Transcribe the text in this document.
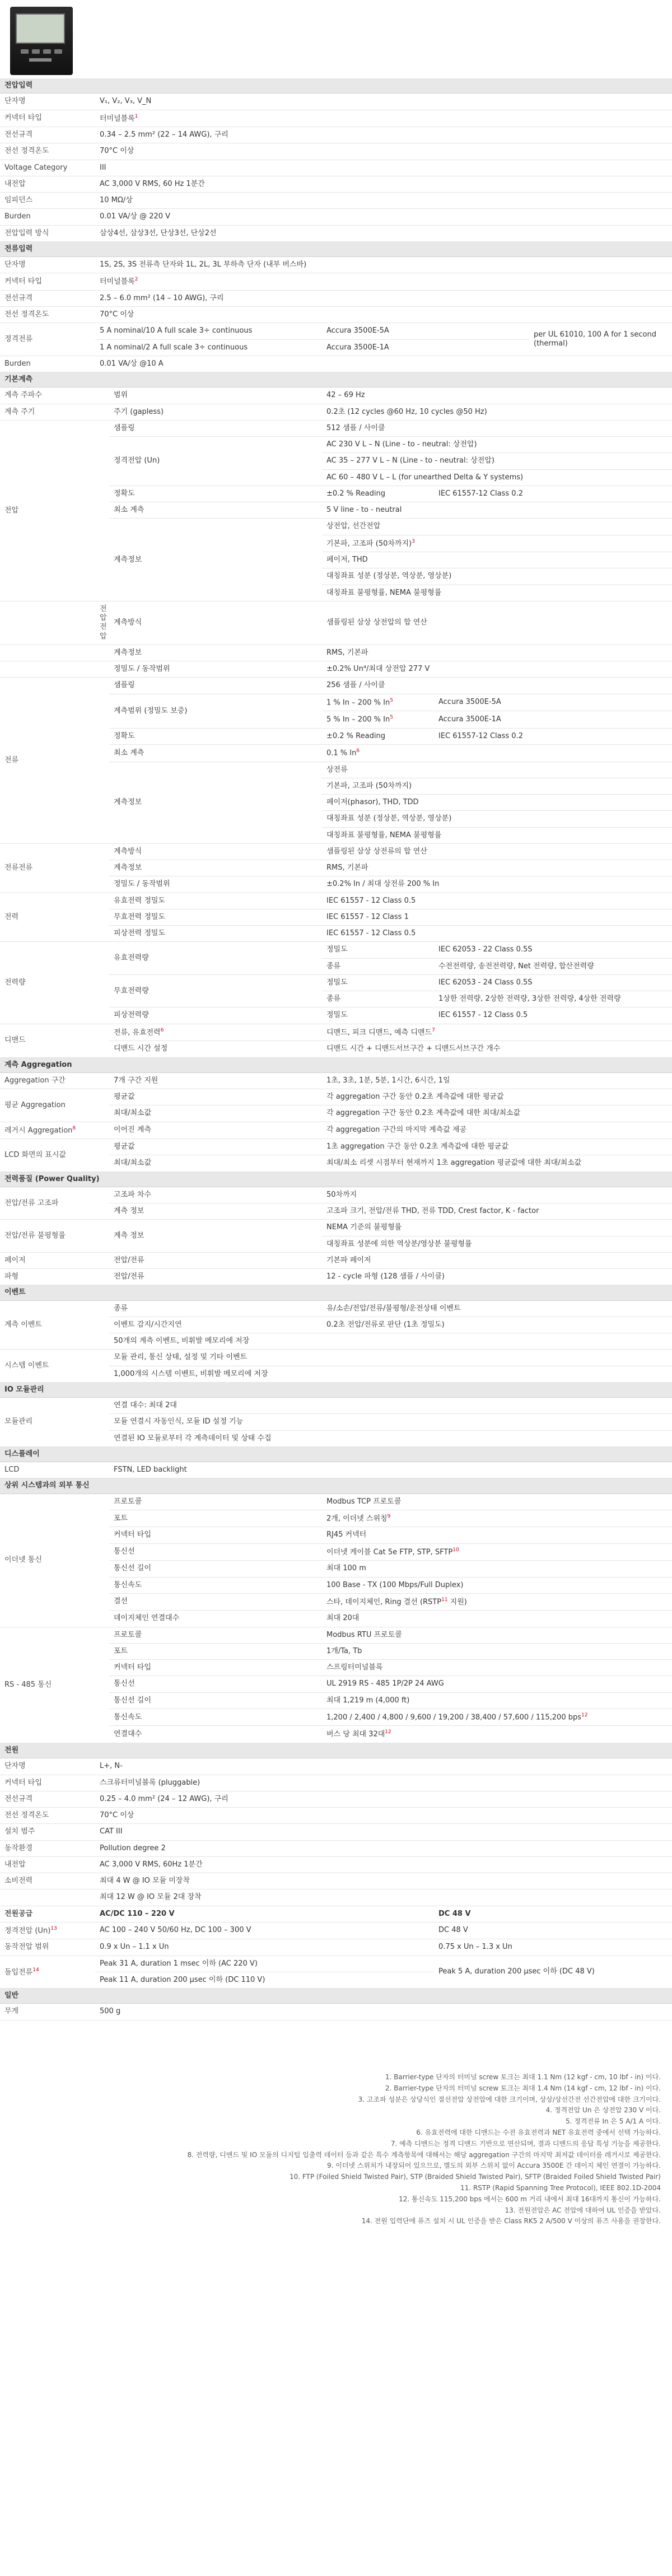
전압입력					
단자명	V₁, V₂, V₃, V_N				
커넥터 타입	터미널블록$^1$
전선규격	0.34 – 2.5 mm² (22 – 14 AWG), 구리				
전선 정격온도	70°C 이상				
Voltage Category	III				
내전압	AC 3,000 V RMS, 60 Hz 1분간				
임피던스	10 MΩ/상				
Burden	0.01 VA/상 @ 220 V				
전압입력 방식	삼상4선, 삼상3선, 단상3선, 단상2선				
전류입력					
단자명	1S, 2S, 3S 전류측 단자와 1L, 2L, 3L 부하측 단자 (내부 버스바)				
커넥터 타입	터미널블록$^2$
전선규격	2.5 – 6.0 mm² (14 – 10 AWG), 구리				
전선 정격온도	70°C 이상				
정격전류	5 A nominal/10 A full scale 3÷ continuous		Accura 3500E-5A		per UL 61010, 100 A for 1 second (thermal)
	1 A nominal/2 A full scale 3÷ continuous		Accura 3500E-1A		
Burden	0.01 VA/상 @10 A				
기본계측					
계측 주파수		범위	42 – 69 Hz		
계측 주기		주기 (gapless)	0.2초 (12 cycles @60 Hz, 10 cycles @50 Hz)		
전압		샘플링	512 샘플 / 사이클		
		정격전압 (Un)	AC 230 V L – N (Line - to - neutral: 상전압)		
			AC 35 – 277 V L – N (Line - to - neutral: 상전압)		
			AC 60 – 480 V L – L (for unearthed Delta & Y systems)		
		정확도	±0.2 % Reading	IEC 61557-12 Class 0.2	
		최소 계측	5 V line - to - neutral		
		계측정보	상전압, 선간전압		
			기본파, 고조파 (50차까지)$^3$
			페이저, THD		
			대칭좌표 성분 (정상분, 역상분, 영상분)		
			대칭좌표 불평형률, NEMA 불평형률		
	전압전압	계측방식	샘플링된 삼상 상전압의 합 연산		
		계측정보	RMS, 기본파		
		정밀도 / 동작범위	±0.2% Un⁴/최대 상전압 277 V		
전류		샘플링	256 샘플 / 사이클		
		계측범위 (정밀도 보증)	1 % In – 200 % In$^5$	Accura 3500E-5A	
			5 % In – 200 % In$^5$	Accura 3500E-1A	
		정확도	±0.2 % Reading	IEC 61557-12 Class 0.2	
		최소 계측	0.1 % In$^6$
		계측정보	상전류		
			기본파, 고조파 (50차까지)		
			페이저(phasor), THD, TDD		
			대칭좌표 성분 (정상분, 역상분, 영상분)		
			대칭좌표 불평형률, NEMA 불평형률		
전류전류		계측방식	샘플링된 삼상 상전류의 합 연산		
		계측정보	RMS, 기본파		
		정밀도 / 동작범위	±0.2% In / 최대 상전류 200 % In		
전력		유효전력 정밀도	IEC 61557 - 12 Class 0.5		
		무효전력 정밀도	IEC 61557 - 12 Class 1		
		피상전력 정밀도	IEC 61557 - 12 Class 0.5		
전력량		유효전력량	정밀도	IEC 62053 - 22 Class 0.5S	
			종류	수전전력량, 송전전력량, Net 전력량, 합산전력량	
		무효전력량	정밀도	IEC 62053 - 24 Class 0.5S	
			종류	1상한 전력량, 2상한 전력량, 3상한 전력량, 4상한 전력량	
		피상전력량	정밀도	IEC 61557 - 12 Class 0.5	
디맨드		전류, 유효전력$^6$	디맨드, 피크 디맨드, 예측 디맨드$^7$
		디맨드 시간 설정	디맨드 시간 + 디맨드서브구간 + 디맨드서브구간 개수		
계측 Aggregation					
Aggregation 구간		7개 구간 지원	1초, 3초, 1분, 5분, 1시간, 6시간, 1일		
평균 Aggregation		평균값	각 aggregation 구간 동안 0.2초 계측값에 대한 평균값		
		최대/최소값	각 aggregation 구간 동안 0.2초 계측값에 대한 최대/최소값		
레거시 Aggregation$^8$		이어진 계측	각 aggregation 구간의 마지막 계측값 제공		
LCD 화면의 표시값		평균값	1초 aggregation 구간 동안 0.2초 계측값에 대한 평균값		
		최대/최소값	최대/최소 리셋 시점부터 현재까지 1초 aggregation 평균값에 대한 최대/최소값		
전력품질 (Power Quality)					
전압/전류 고조파		고조파 차수	50차까지		
		계측 정보	고조파 크기, 전압/전류 THD, 전류 TDD, Crest factor, K - factor		
전압/전류 불평형률		계측 정보	NEMA 기준의 불평형률		
			대칭좌표 성분에 의한 역상분/영상분 불평형률		
페이저		전압/전류	기본파 페이저		
파형		전압/전류	12 - cycle 파형 (128 샘플 / 사이클)		
이벤트					
계측 이벤트		종류	유/소손/전압/전류/불평형/운전상태 이벤트		
		이벤트 감지/시간지연	0.2초 전압/전류로 판단 (1초 정밀도)		
		50개의 계측 이벤트, 비휘발 메모리에 저장			
시스템 이벤트		모듈 관리, 통신 상태, 설정 및 기타 이벤트			
		1,000개의 시스템 이벤트, 비휘발 메모리에 저장			
IO 모듈관리					
모듈관리		연결 대수: 최대 2대			
		모듈 연결시 자동인식, 모듈 ID 설정 기능			
		연결된 IO 모듈로부터 각 계측데이터 및 상태 수집			
디스플레이					
LCD		FSTN, LED backlight			
상위 시스템과의 외부 통신					
이더넷 통신		프로토콜	Modbus TCP 프로토콜		
		포트	2개, 이더넷 스위칭$^9$
		커넥터 타입	RJ45 커넥터		
		통신선	이더넷 케이블 Cat 5e FTP, STP, SFTP$^{10}$
		통신선 길이	최대 100 m		
		통신속도	100 Base - TX (100 Mbps/Full Duplex)		
		결선	스타, 데이지체인, Ring 결선 (RSTP$^{11}$ 지원)		
		데이지체인 연결대수	최대 20대		
RS - 485 통신		프로토콜	Modbus RTU 프로토콜		
		포트	1개/Ta, Tb		
		커넥터 타입	스프링터미널블록		
		통신선	UL 2919 RS - 485 1P/2P 24 AWG		
		통신선 길이	최대 1,219 m (4,000 ft)		
		통신속도	1,200 / 2,400 / 4,800 / 9,600 / 19,200 / 38,400 / 57,600 / 115,200 bps$^{12}$
		연결대수	버스 당 최대 32대$^{12}$
전원					
단자명	L+, N-				
커넥터 타입	스크류터미널블록 (pluggable)				
전선규격	0.25 – 4.0 mm² (24 – 12 AWG), 구리				
전선 정격온도	70°C 이상				
설치 범주	CAT III				
동작환경	Pollution degree 2				
내전압	AC 3,000 V RMS, 60Hz 1분간				
소비전력	최대 4 W @ IO 모듈 미장착				
	최대 12 W @ IO 모듈 2대 장착				
전원공급	AC/DC 110 – 220 V			DC 48 V	
정격전압 $(Un)^{13}$	AC 100 – 240 V 50/60 Hz, DC 100 – 300 V			DC 48 V	
동작전압 범위	0.9 x Un – 1.1 x Un			0.75 x Un – 1.3 x Un	
돌입전류$^{14}$	Peak 31 A, duration 1 msec 이하 (AC 220 V)			Peak 5 A, duration 200 μsec 이하 (DC 48 V)	
	Peak 11 A, duration 200 μsec 이하 (DC 110 V)				
일반					
무게	500 g				
1. Barrier-type 단자의 터미널 screw 토크는 최대 1.1 Nm (12 kgf - cm, 10 lbf - in) 이다.
2. Barrier-type 단자의 터미널 screw 토크는 최대 1.4 Nm (14 kgf - cm, 12 lbf - in) 이다.
3. 고조파 성분은 상당식인 절선전압 상전압에 대한 크기이며, 상상/상선간전 선간전압에 대한 크기이다.
4. 정격전압 Un 은 상전압 230 V 이다.
5. 정격전류 In 은 5 A/1 A 이다.
6. 유효전력에 대한 디맨드는 수전 유효전력과 NET 유효전력 중에서 선택 가능하다.
7. 예측 디맨드는 정격 디맨드 기반으로 연산되며, 결과 디맨드의 응답 특성 기능을 제공한다.
8. 전력량, 디맨드 및 IO 모듈의 디지털 입출력 데이터 등과 같은 특수 계측항목에 대해서는 해당 aggregation 구간의 마지막 최저값 데이터를 레거시로 제공한다.
9. 이더넷 스위치가 내장되어 있으므로, 별도의 외부 스위치 없이 Accura 3500E 간 데이지 체인 연결이 가능하다.
10. FTP (Foiled Shield Twisted Pair), STP (Braided Shield Twisted Pair), SFTP (Braided Foiled Shield Twisted Pair)
11. RSTP (Rapid Spanning Tree Protocol), IEEE 802.1D-2004
12. 통신속도 115,200 bps 에서는 600 m 거리 내에서 최대 16대까지 통신이 가능하다.
13. 전원전압은 AC 전압에 대하여 UL 인증을 받았다.
14. 전원 입력단에 퓨즈 설치 시 UL 인증을 받은 Class RK5 2 A/500 V 이상의 퓨즈 사용을 권장한다.
